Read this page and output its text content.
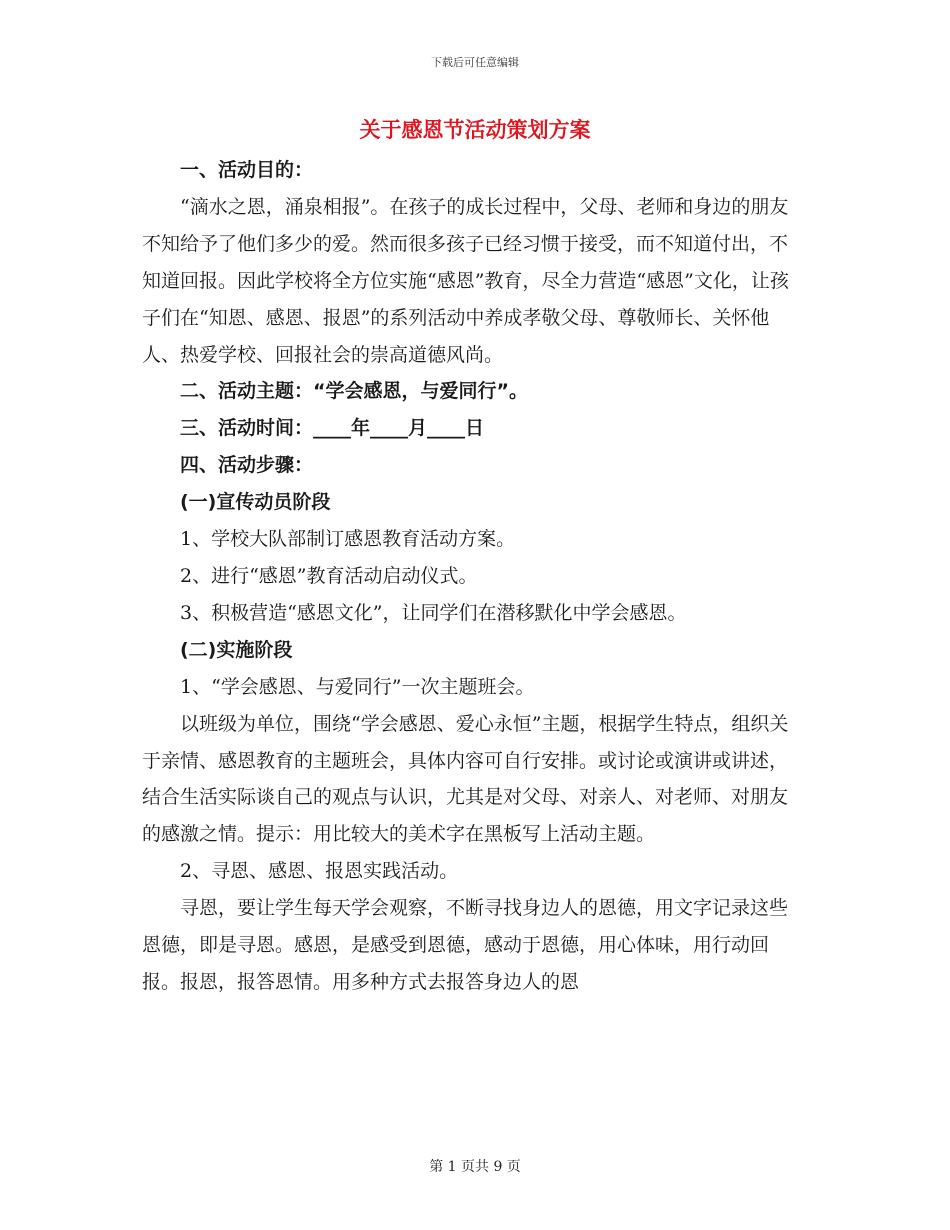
下载后可任意编辑
关于感恩节活动策划方案

一、活动目的：

“滴水之恩，涌泉相报”。在孩子的成长过程中，父母、老师和身边的朋友不知给予了他们多少的爱。然而很多孩子已经习惯于接受，而不知道付出，不知道回报。因此学校将全方位实施“感恩”教育，尽全力营造“感恩”文化，让孩子们在“知恩、感恩、报恩”的系列活动中养成孝敬父母、尊敬师长、关怀他人、热爱学校、回报社会的崇高道德风尚。

二、活动主题：“学会感恩，与爱同行”。

三、活动时间：____年____月____日

四、活动步骤：

(一)宣传动员阶段

1、学校大队部制订感恩教育活动方案。

2、进行“感恩”教育活动启动仪式。

3、积极营造“感恩文化”，让同学们在潜移默化中学会感恩。

(二)实施阶段

1、“学会感恩、与爱同行”一次主题班会。

以班级为单位，围绕“学会感恩、爱心永恒”主题，根据学生特点，组织关于亲情、感恩教育的主题班会，具体内容可自行安排。或讨论或演讲或讲述，结合生活实际谈自己的观点与认识，尤其是对父母、对亲人、对老师、对朋友的感激之情。提示：用比较大的美术字在黑板写上活动主题。

2、寻恩、感恩、报恩实践活动。

寻恩，要让学生每天学会观察，不断寻找身边人的恩德，用文字记录这些恩德，即是寻恩。感恩，是感受到恩德，感动于恩德，用心体味，用行动回报。报恩，报答恩情。用多种方式去报答身边人的恩

第 1 页共 9 页
